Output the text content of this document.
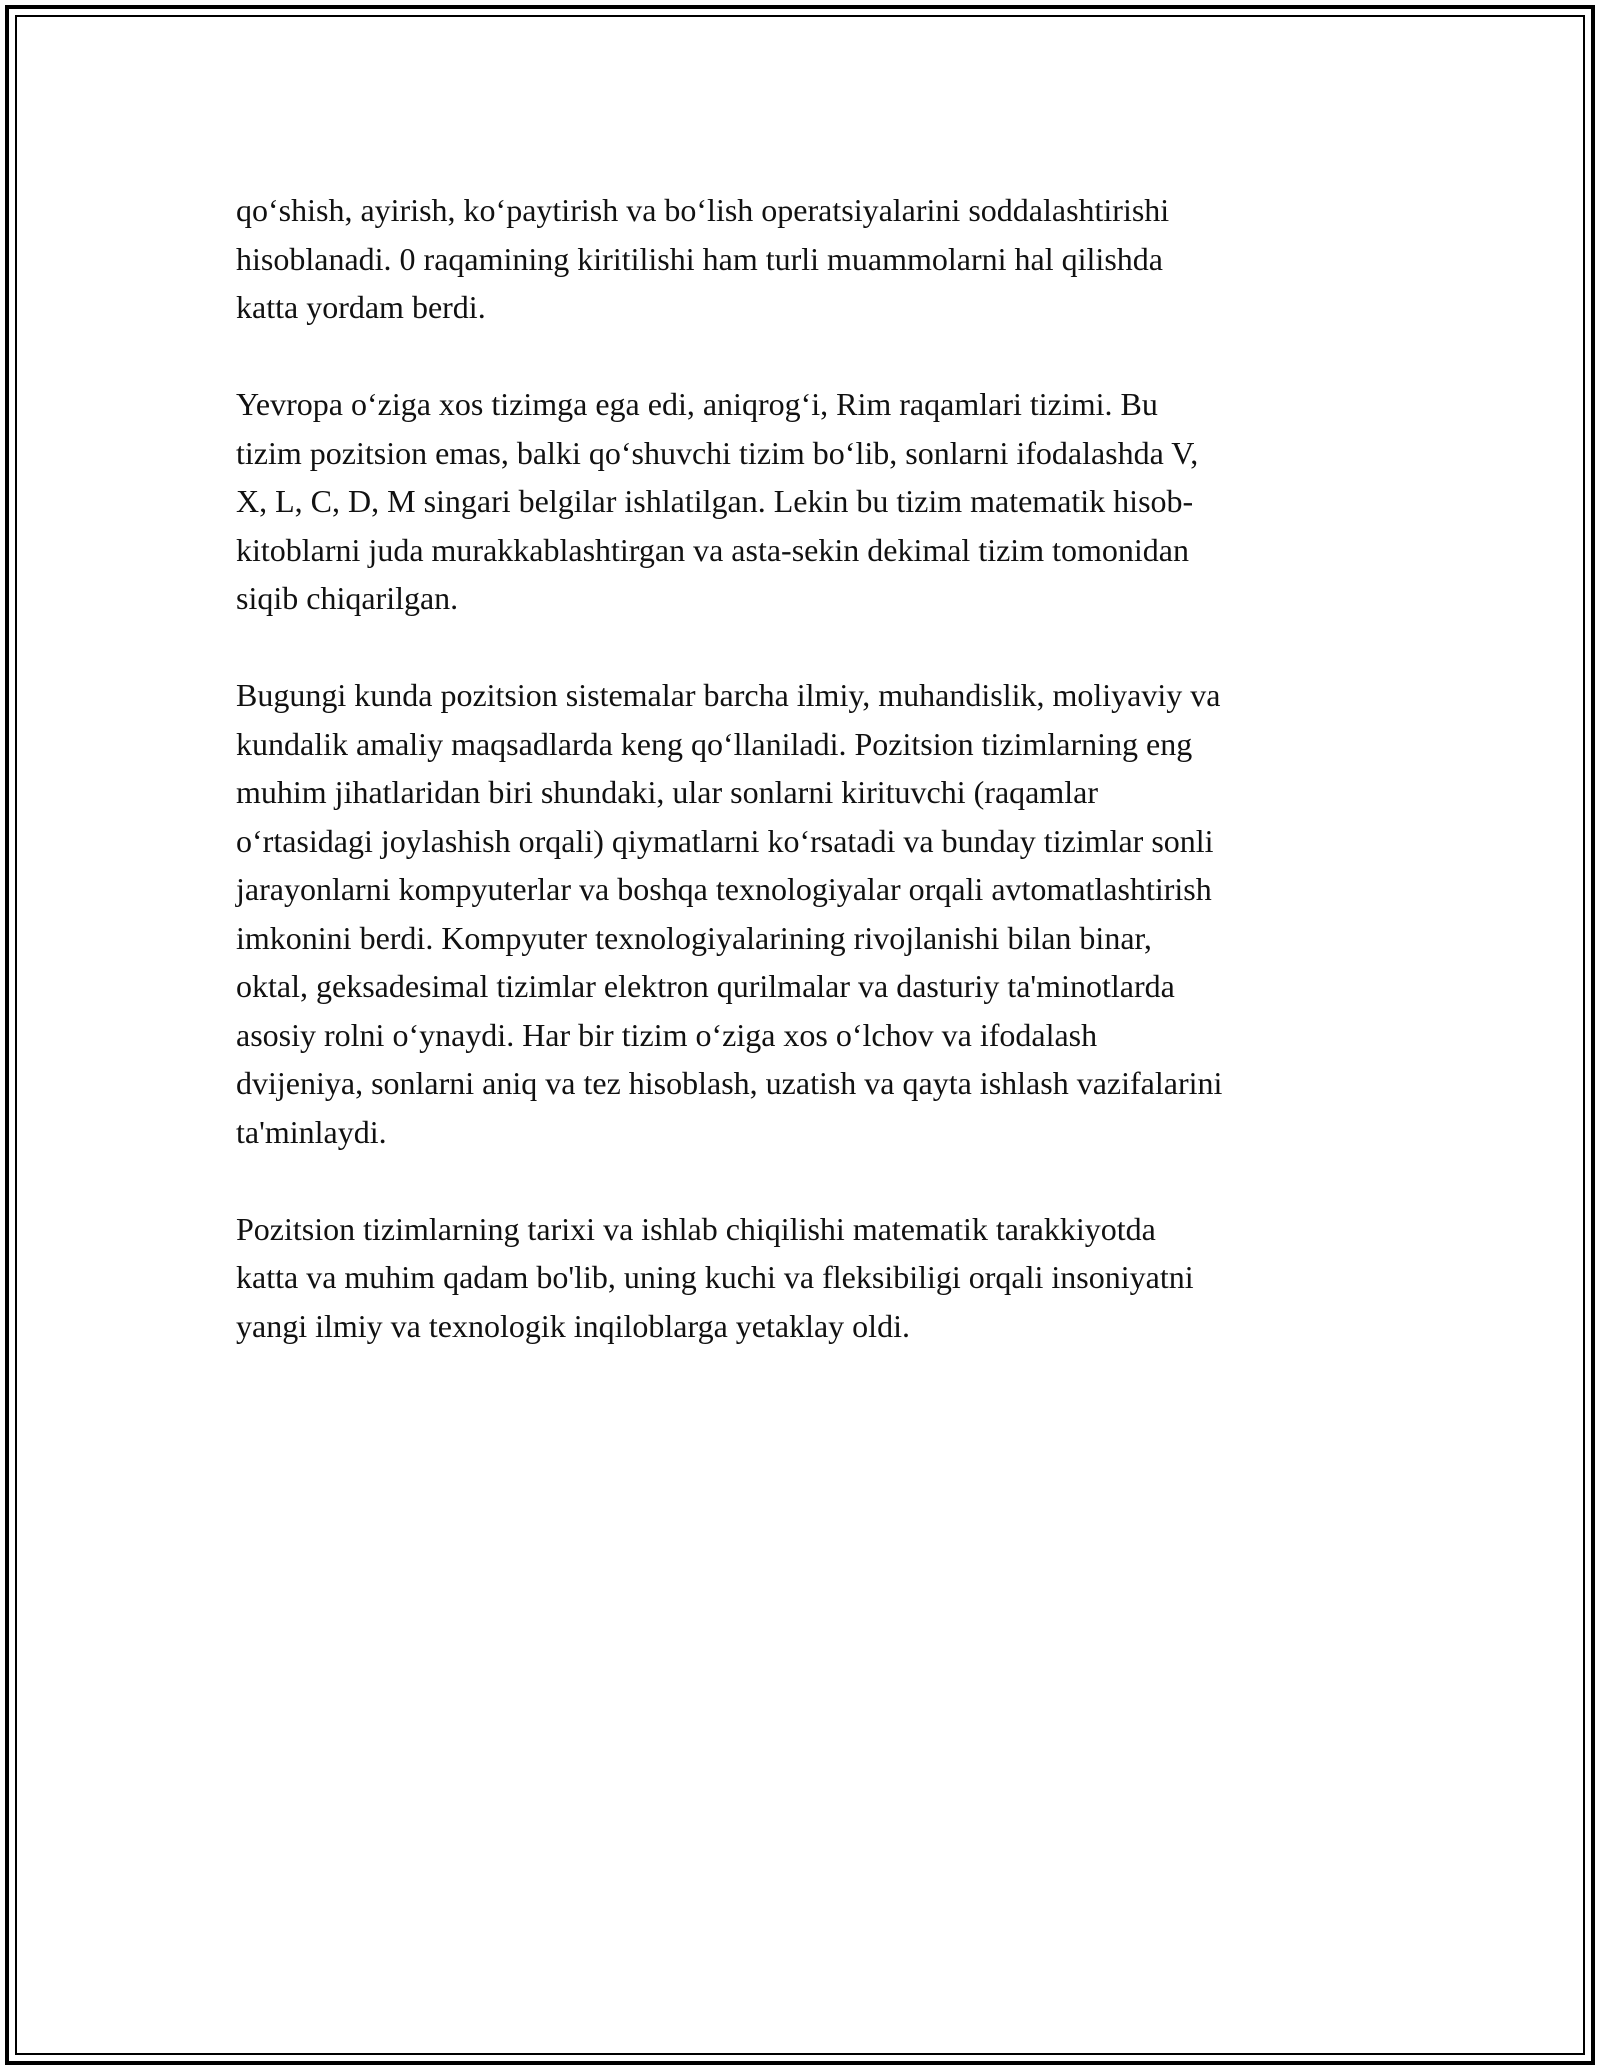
qo‘shish, ayirish, ko‘paytirish va bo‘lish operatsiyalarini soddalashtirishi
hisoblanadi. 0 raqamining kiritilishi ham turli muammolarni hal qilishda
katta yordam berdi.

Yevropa o‘ziga xos tizimga ega edi, aniqrog‘i, Rim raqamlari tizimi. Bu
tizim pozitsion emas, balki qo‘shuvchi tizim bo‘lib, sonlarni ifodalashda V,
X, L, C, D, M singari belgilar ishlatilgan. Lekin bu tizim matematik hisob-
kitoblarni juda murakkablashtirgan va asta-sekin dekimal tizim tomonidan
siqib chiqarilgan.

Bugungi kunda pozitsion sistemalar barcha ilmiy, muhandislik, moliyaviy va
kundalik amaliy maqsadlarda keng qo‘llaniladi. Pozitsion tizimlarning eng
muhim jihatlaridan biri shundaki, ular sonlarni kirituvchi (raqamlar
o‘rtasidagi joylashish orqali) qiymatlarni ko‘rsatadi va bunday tizimlar sonli
jarayonlarni kompyuterlar va boshqa texnologiyalar orqali avtomatlashtirish
imkonini berdi. Kompyuter texnologiyalarining rivojlanishi bilan binar,
oktal, geksadesimal tizimlar elektron qurilmalar va dasturiy ta'minotlarda
asosiy rolni o‘ynaydi. Har bir tizim o‘ziga xos o‘lchov va ifodalash
dvijeniya, sonlarni aniq va tez hisoblash, uzatish va qayta ishlash vazifalarini
ta'minlaydi.

Pozitsion tizimlarning tarixi va ishlab chiqilishi matematik tarakkiyotda
katta va muhim qadam bo'lib, uning kuchi va fleksibiligi orqali insoniyatni
yangi ilmiy va texnologik inqiloblarga yetaklay oldi.
